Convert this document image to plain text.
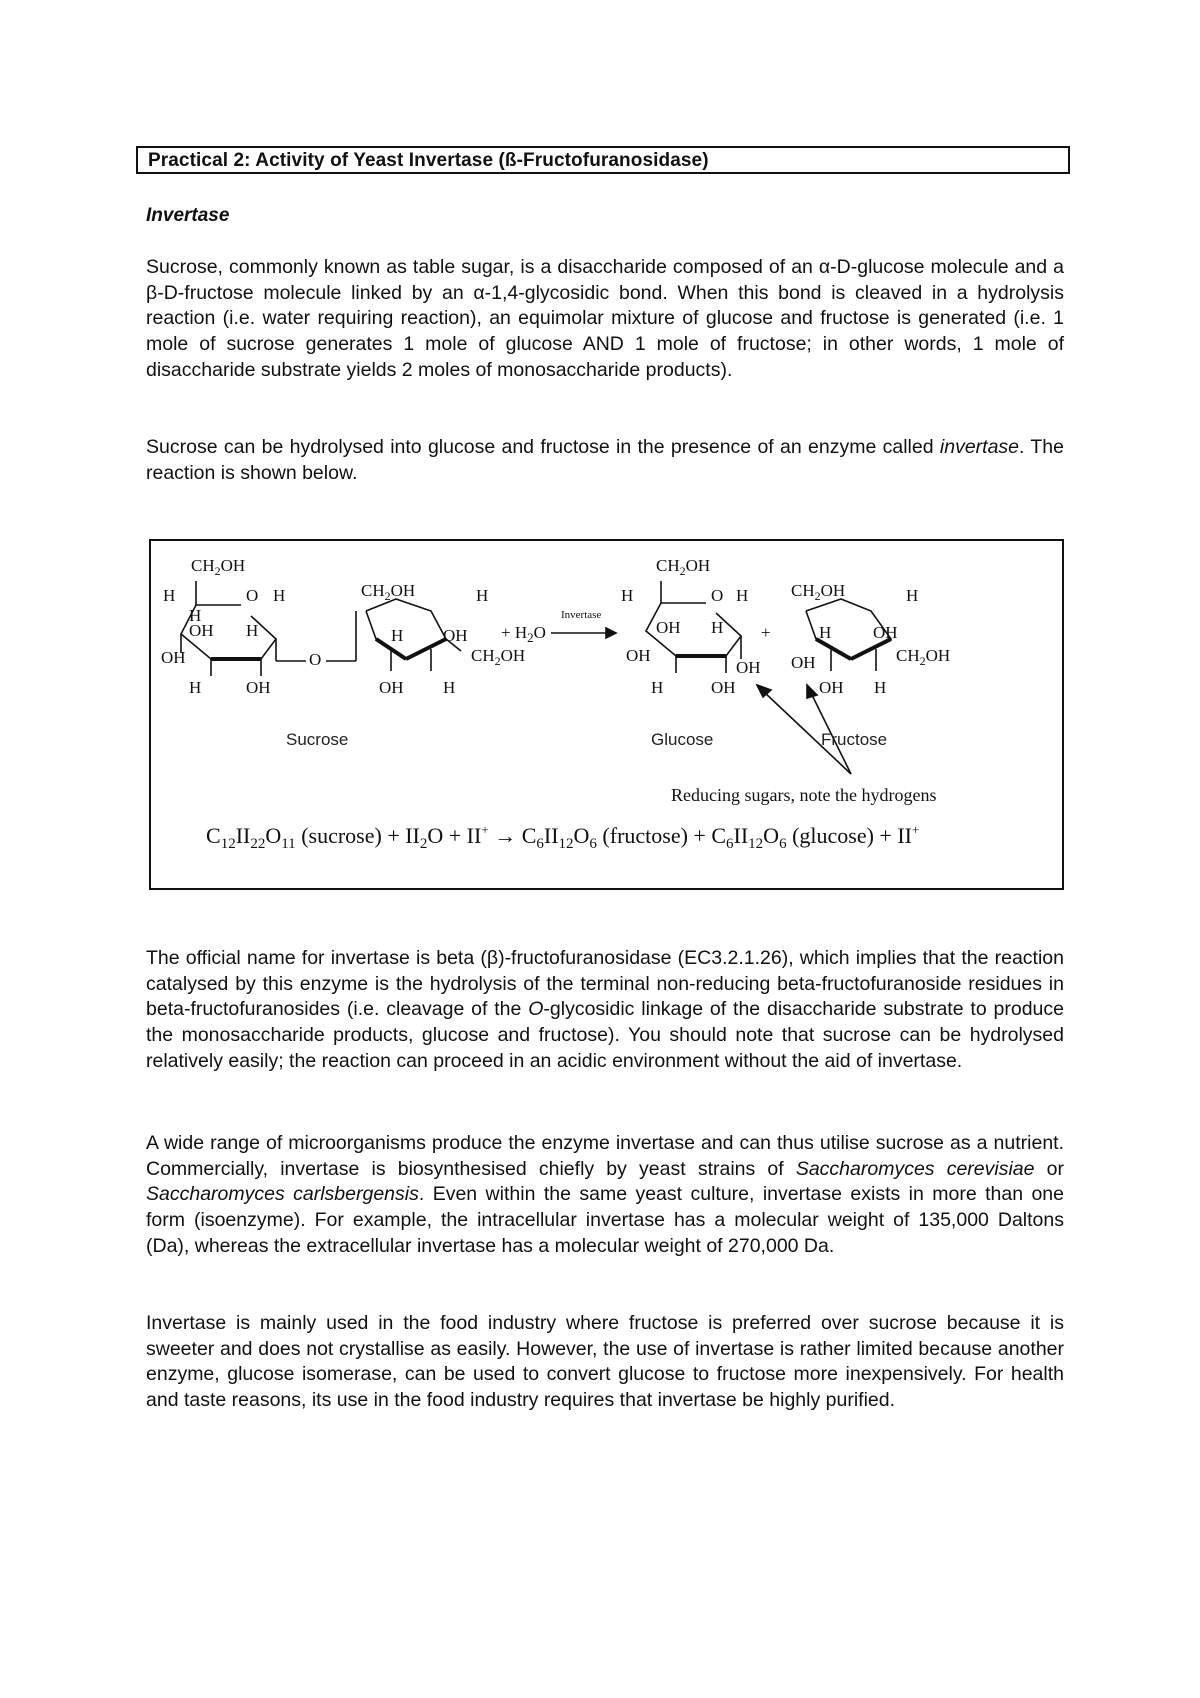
Practical 2: Activity of Yeast Invertase (ß-Fructofuranosidase)
Invertase

Sucrose, commonly known as table sugar, is a disaccharide composed of an α-D-glucose molecule and a β-D-fructose molecule linked by an α-1,4-glycosidic bond. When this bond is cleaved in a hydrolysis reaction (i.e. water requiring reaction), an equimolar mixture of glucose and fructose is generated (i.e. 1 mole of sucrose generates 1 mole of glucose AND 1 mole of fructose; in other words, 1 mole of disaccharide substrate yields 2 moles of monosaccharide products).

Sucrose can be hydrolysed into glucose and fructose in the presence of an enzyme called invertase. The reaction is shown below.

$CH_2OH$
H	O H
H
OH H
OH
H	OH
O
$CH_2OH$	H
H OH
$CH_2OH$
OH H
+ $H_2O$
Invertase
$CH_2OH$
H	O H
OH H
OH
OH
H	OH
+
$CH_2OH$	H
H OH
OH	$CH_2OH$
OH H
Sucrose	Glucose	Fructose
Reducing sugars, note the hydrogens
$C_{12}II_{22}O_{11}$ (sucrose) + $II_2O + II^+ \to C_6II_{12}O_6$ (fructose) + $C_6II_{12}O_6$ (glucose) + II+

The official name for invertase is beta (β)-fructofuranosidase (EC3.2.1.26), which implies that the reaction catalysed by this enzyme is the hydrolysis of the terminal non-reducing beta-fructofuranoside residues in beta-fructofuranosides (i.e. cleavage of the O-glycosidic linkage of the disaccharide substrate to produce the monosaccharide products, glucose and fructose). You should note that sucrose can be hydrolysed relatively easily; the reaction can proceed in an acidic environment without the aid of invertase.

A wide range of microorganisms produce the enzyme invertase and can thus utilise sucrose as a nutrient. Commercially, invertase is biosynthesised chiefly by yeast strains of Saccharomyces cerevisiae or Saccharomyces carlsbergensis. Even within the same yeast culture, invertase exists in more than one form (isoenzyme). For example, the intracellular invertase has a molecular weight of 135,000 Daltons (Da), whereas the extracellular invertase has a molecular weight of 270,000 Da.

Invertase is mainly used in the food industry where fructose is preferred over sucrose because it is sweeter and does not crystallise as easily. However, the use of invertase is rather limited because another enzyme, glucose isomerase, can be used to convert glucose to fructose more inexpensively. For health and taste reasons, its use in the food industry requires that invertase be highly purified.
